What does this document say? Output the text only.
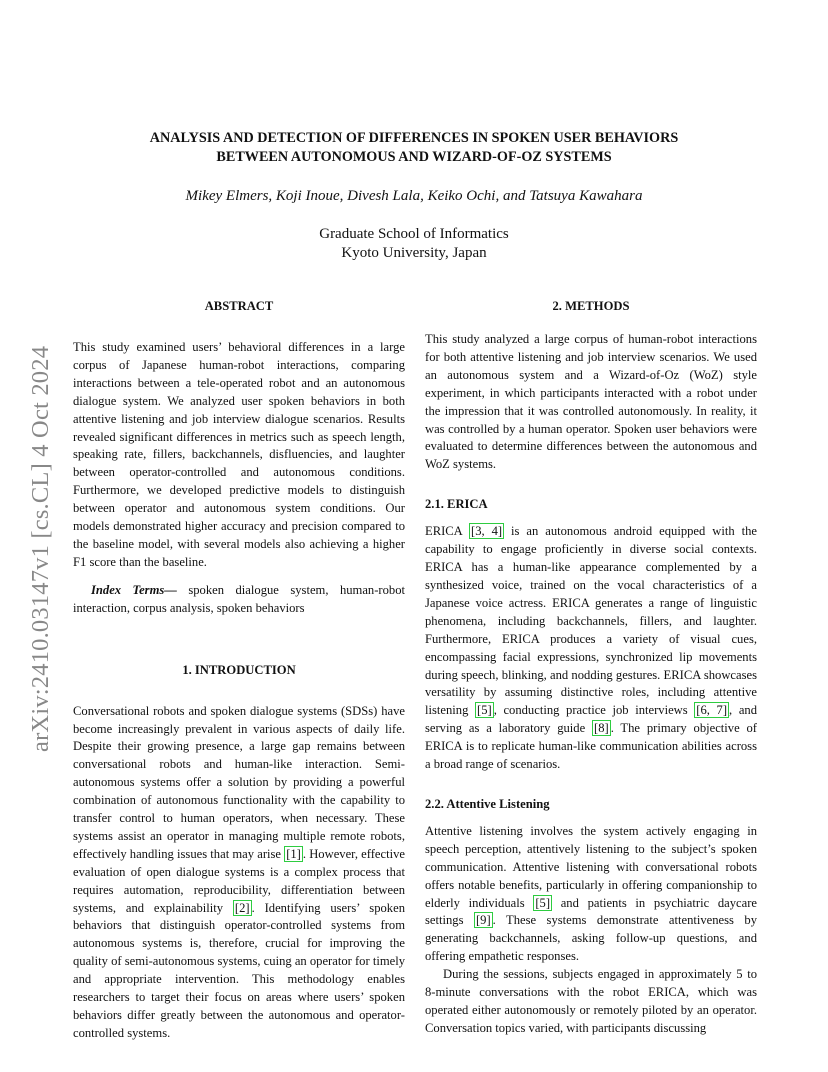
arXiv:2410.03147v1 [cs.CL] 4 Oct 2024
ANALYSIS AND DETECTION OF DIFFERENCES IN SPOKEN USER BEHAVIORS
BETWEEN AUTONOMOUS AND WIZARD-OF-OZ SYSTEMS
Mikey Elmers, Koji Inoue, Divesh Lala, Keiko Ochi, and Tatsuya Kawahara
Graduate School of Informatics
Kyoto University, Japan
ABSTRACT

This study examined users’ behavioral differences in a large corpus of Japanese human-robot interactions, comparing interactions between a tele-operated robot and an autonomous dialogue system. We analyzed user spoken behaviors in both attentive listening and job interview dialogue scenarios. Results revealed significant differences in metrics such as speech length, speaking rate, fillers, backchannels, disfluencies, and laughter between operator-controlled and autonomous conditions. Furthermore, we developed predictive models to distinguish between operator and autonomous system conditions. Our models demonstrated higher accuracy and precision compared to the baseline model, with several models also achieving a higher F1 score than the baseline.

Index Terms— spoken dialogue system, human-robot interaction, corpus analysis, spoken behaviors

1. INTRODUCTION

Conversational robots and spoken dialogue systems (SDSs) have become increasingly prevalent in various aspects of daily life. Despite their growing presence, a large gap remains between conversational robots and human-like interaction. Semi-autonomous systems offer a solution by providing a powerful combination of autonomous functionality with the capability to transfer control to human operators, when necessary. These systems assist an operator in managing multiple remote robots, effectively handling issues that may arise [1] . However, effective evaluation of open dialogue systems is a complex process that requires automation, reproducibility, differentiation between systems, and explainability [2] . Identifying users’ spoken behaviors that distinguish operator-controlled systems from autonomous systems is, therefore, crucial for improving the quality of semi-autonomous systems, cuing an operator for timely and appropriate intervention. This methodology enables researchers to target their focus on areas where users’ spoken behaviors differ greatly between the autonomous and operator-controlled systems.

2. METHODS

This study analyzed a large corpus of human-robot interactions for both attentive listening and job interview scenarios. We used an autonomous system and a Wizard-of-Oz (WoZ) style experiment, in which participants interacted with a robot under the impression that it was controlled autonomously. In reality, it was controlled by a human operator. Spoken user behaviors were evaluated to determine differences between the autonomous and WoZ systems.

2.1. ERICA

ERICA [3, 4] is an autonomous android equipped with the capability to engage proficiently in diverse social contexts. ERICA has a human-like appearance complemented by a synthesized voice, trained on the vocal characteristics of a Japanese voice actress. ERICA generates a range of linguistic phenomena, including backchannels, fillers, and laughter. Furthermore, ERICA produces a variety of visual cues, encompassing facial expressions, synchronized lip movements during speech, blinking, and nodding gestures. ERICA showcases versatility by assuming distinctive roles, including attentive listening [5] , conducting practice job interviews [6, 7] , and serving as a laboratory guide [8] . The primary objective of ERICA is to replicate human-like communication abilities across a broad range of scenarios.

2.2. Attentive Listening

Attentive listening involves the system actively engaging in speech perception, attentively listening to the subject’s spoken communication. Attentive listening with conversational robots offers notable benefits, particularly in offering companionship to elderly individuals [5] and patients in psychiatric daycare settings [9] . These systems demonstrate attentiveness by generating backchannels, asking follow-up questions, and offering empathetic responses.

During the sessions, subjects engaged in approximately 5 to 8-minute conversations with the robot ERICA, which was operated either autonomously or remotely piloted by an operator. Conversation topics varied, with participants discussing
